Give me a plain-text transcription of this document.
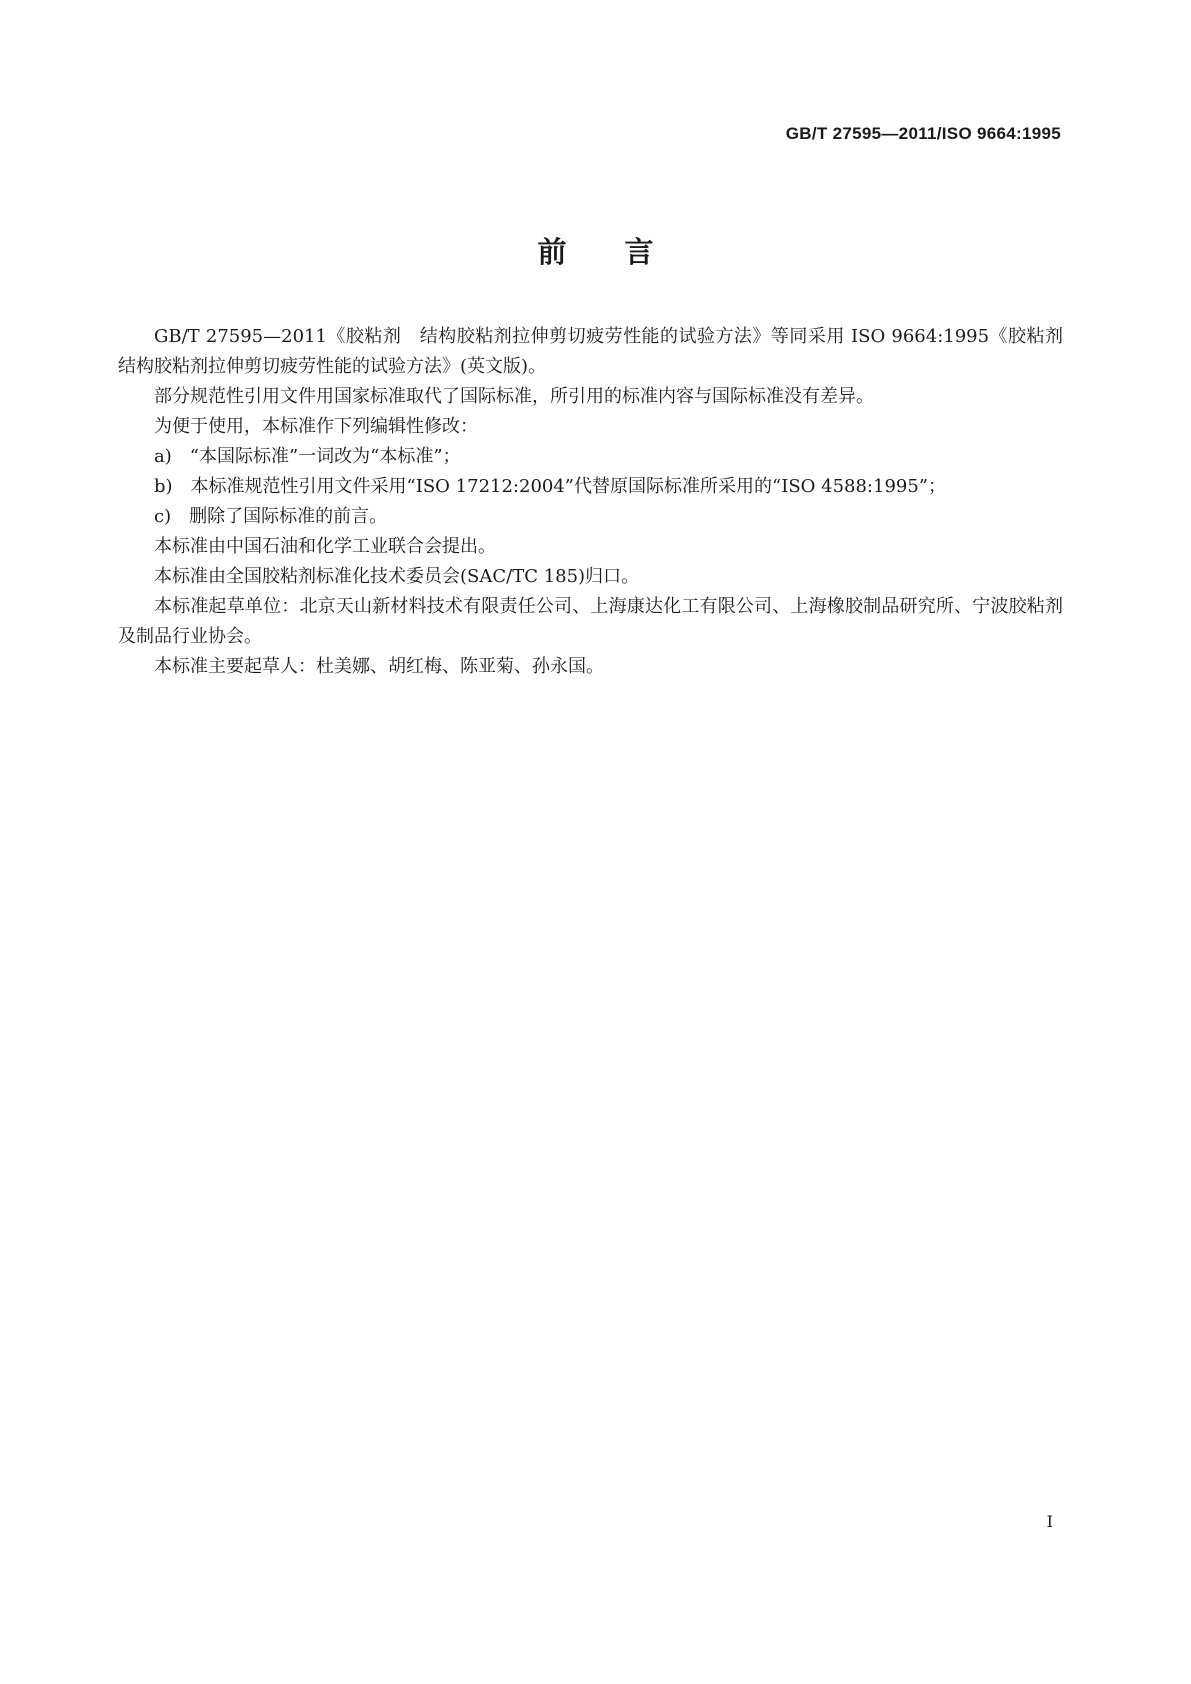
GB/T 27595—2011/ISO 9664:1995
前言

GB/T 27595—2011《胶粘剂　结构胶粘剂拉伸剪切疲劳性能的试验方法》等同采用 ISO 9664:1995《胶粘剂　结构胶粘剂拉伸剪切疲劳性能的试验方法》(英文版)。

部分规范性引用文件用国家标准取代了国际标准，所引用的标准内容与国际标准没有差异。

为便于使用，本标准作下列编辑性修改：

a)　“本国际标准”一词改为“本标准”；

b)　本标准规范性引用文件采用“ISO 17212:2004”代替原国际标准所采用的“ISO 4588:1995”；

c)　删除了国际标准的前言。

本标准由中国石油和化学工业联合会提出。

本标准由全国胶粘剂标准化技术委员会(SAC/TC 185)归口。

本标准起草单位：北京天山新材料技术有限责任公司、上海康达化工有限公司、上海橡胶制品研究所、宁波胶粘剂及制品行业协会。

本标准主要起草人：杜美娜、胡红梅、陈亚菊、孙永国。

I
